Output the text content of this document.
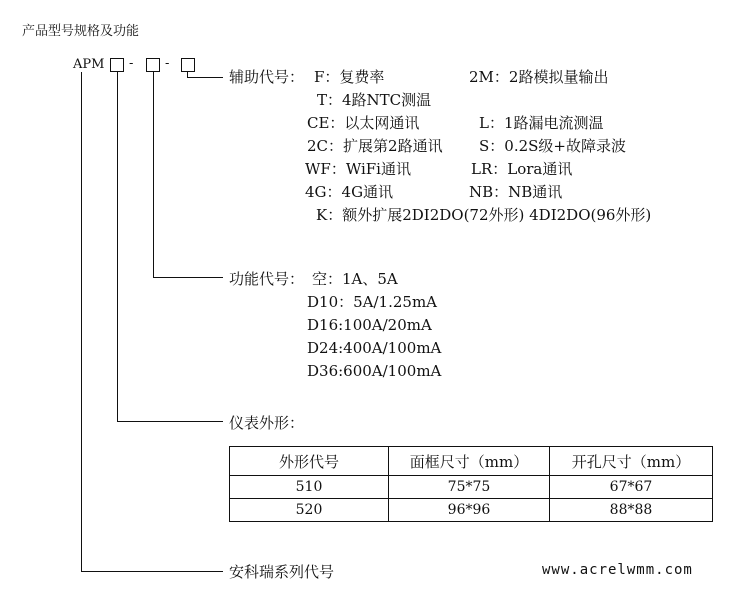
产品型号规格及功能
APM - -
辅助代号： F：复费率	2M：2路模拟量输出
T：4路NTC测温
CE：以太网通讯	L：1路漏电流测温
2C：扩展第2路通讯 S：0.2S级+故障录波
WF：WiFi通讯	LR：Lora通讯
4G：4G通讯	NB：NB通讯
K：额外扩展2DI2DO(72外形) 4DI2DO(96外形)
功能代号： 空：1A、5A
D10：5A/1.25mA
D16:100A/20mA
D24:400A/100mA
D36:600A/100mA
仪表外形：
外形代号	面框尺寸（mm）	开孔尺寸（mm）
510	75*75	67*67
520	96*96	88*88
安科瑞系列代号	www.acrelwmm.com
